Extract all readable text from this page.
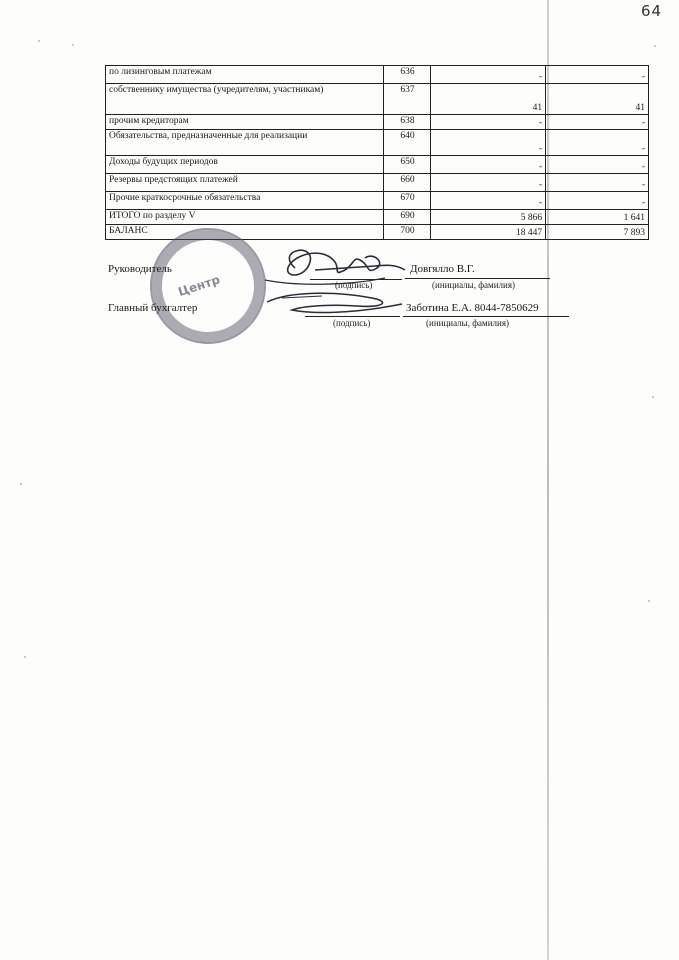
64
по лизинговым платежам	636	-	-
собственнику имущества (учредителям, участникам)	637	41	41
прочим кредиторам	638	-	-
Обязательства, предназначенные для реализации	640	-	-
Доходы будущих периодов	650	-	-
Резервы предстоящих платежей	660	-	-
Прочие краткосрочные обязательства	670	-	-
ИТОГО по разделу V	690	5 866	1 641
БАЛАНС	700	18 447	7 893
Центр
Руководитель	Довгялло В.Г.
(подпись)	(инициалы, фамилия)
Главный бухгалтер	Заботина Е.А. 8044-7850629
(подпись)	(инициалы, фамилия)
